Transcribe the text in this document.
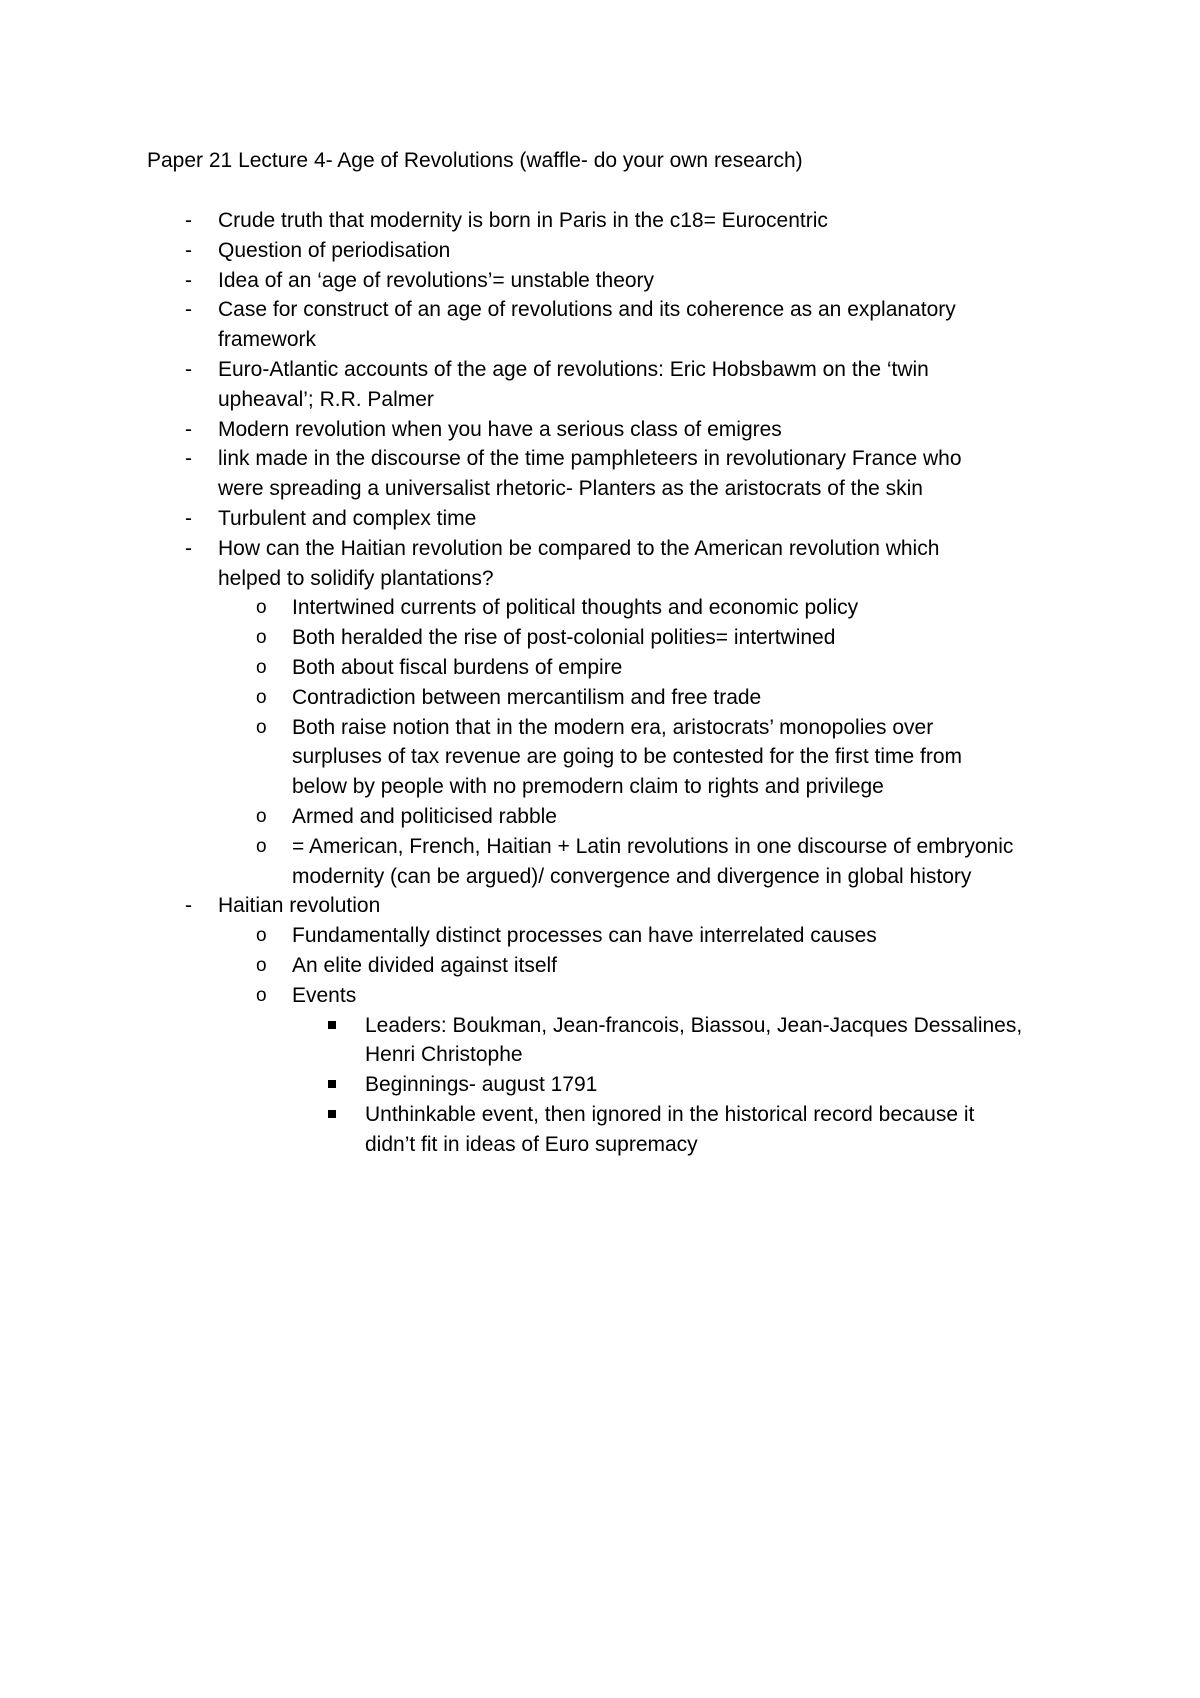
Paper 21 Lecture 4- Age of Revolutions (waffle- do your own research)
- Crude truth that modernity is born in Paris in the c18= Eurocentric
- Question of periodisation
- Idea of an ‘age of revolutions’= unstable theory
- Case for construct of an age of revolutions and its coherence as an explanatory
framework
- Euro-Atlantic accounts of the age of revolutions: Eric Hobsbawm on the ‘twin
upheaval’; R.R. Palmer
- Modern revolution when you have a serious class of emigres
- link made in the discourse of the time pamphleteers in revolutionary France who
were spreading a universalist rhetoric- Planters as the aristocrats of the skin
- Turbulent and complex time
- How can the Haitian revolution be compared to the American revolution which
helped to solidify plantations?
o Intertwined currents of political thoughts and economic policy
o Both heralded the rise of post-colonial polities= intertwined
o Both about fiscal burdens of empire
o Contradiction between mercantilism and free trade
o Both raise notion that in the modern era, aristocrats’ monopolies over
surpluses of tax revenue are going to be contested for the first time from
below by people with no premodern claim to rights and privilege
o Armed and politicised rabble
o = American, French, Haitian + Latin revolutions in one discourse of embryonic
modernity (can be argued)/ convergence and divergence in global history
- Haitian revolution
o Fundamentally distinct processes can have interrelated causes
o An elite divided against itself
o Events
Leaders: Boukman, Jean-francois, Biassou, Jean-Jacques Dessalines,
Henri Christophe
Beginnings- august 1791
Unthinkable event, then ignored in the historical record because it
didn’t fit in ideas of Euro supremacy
